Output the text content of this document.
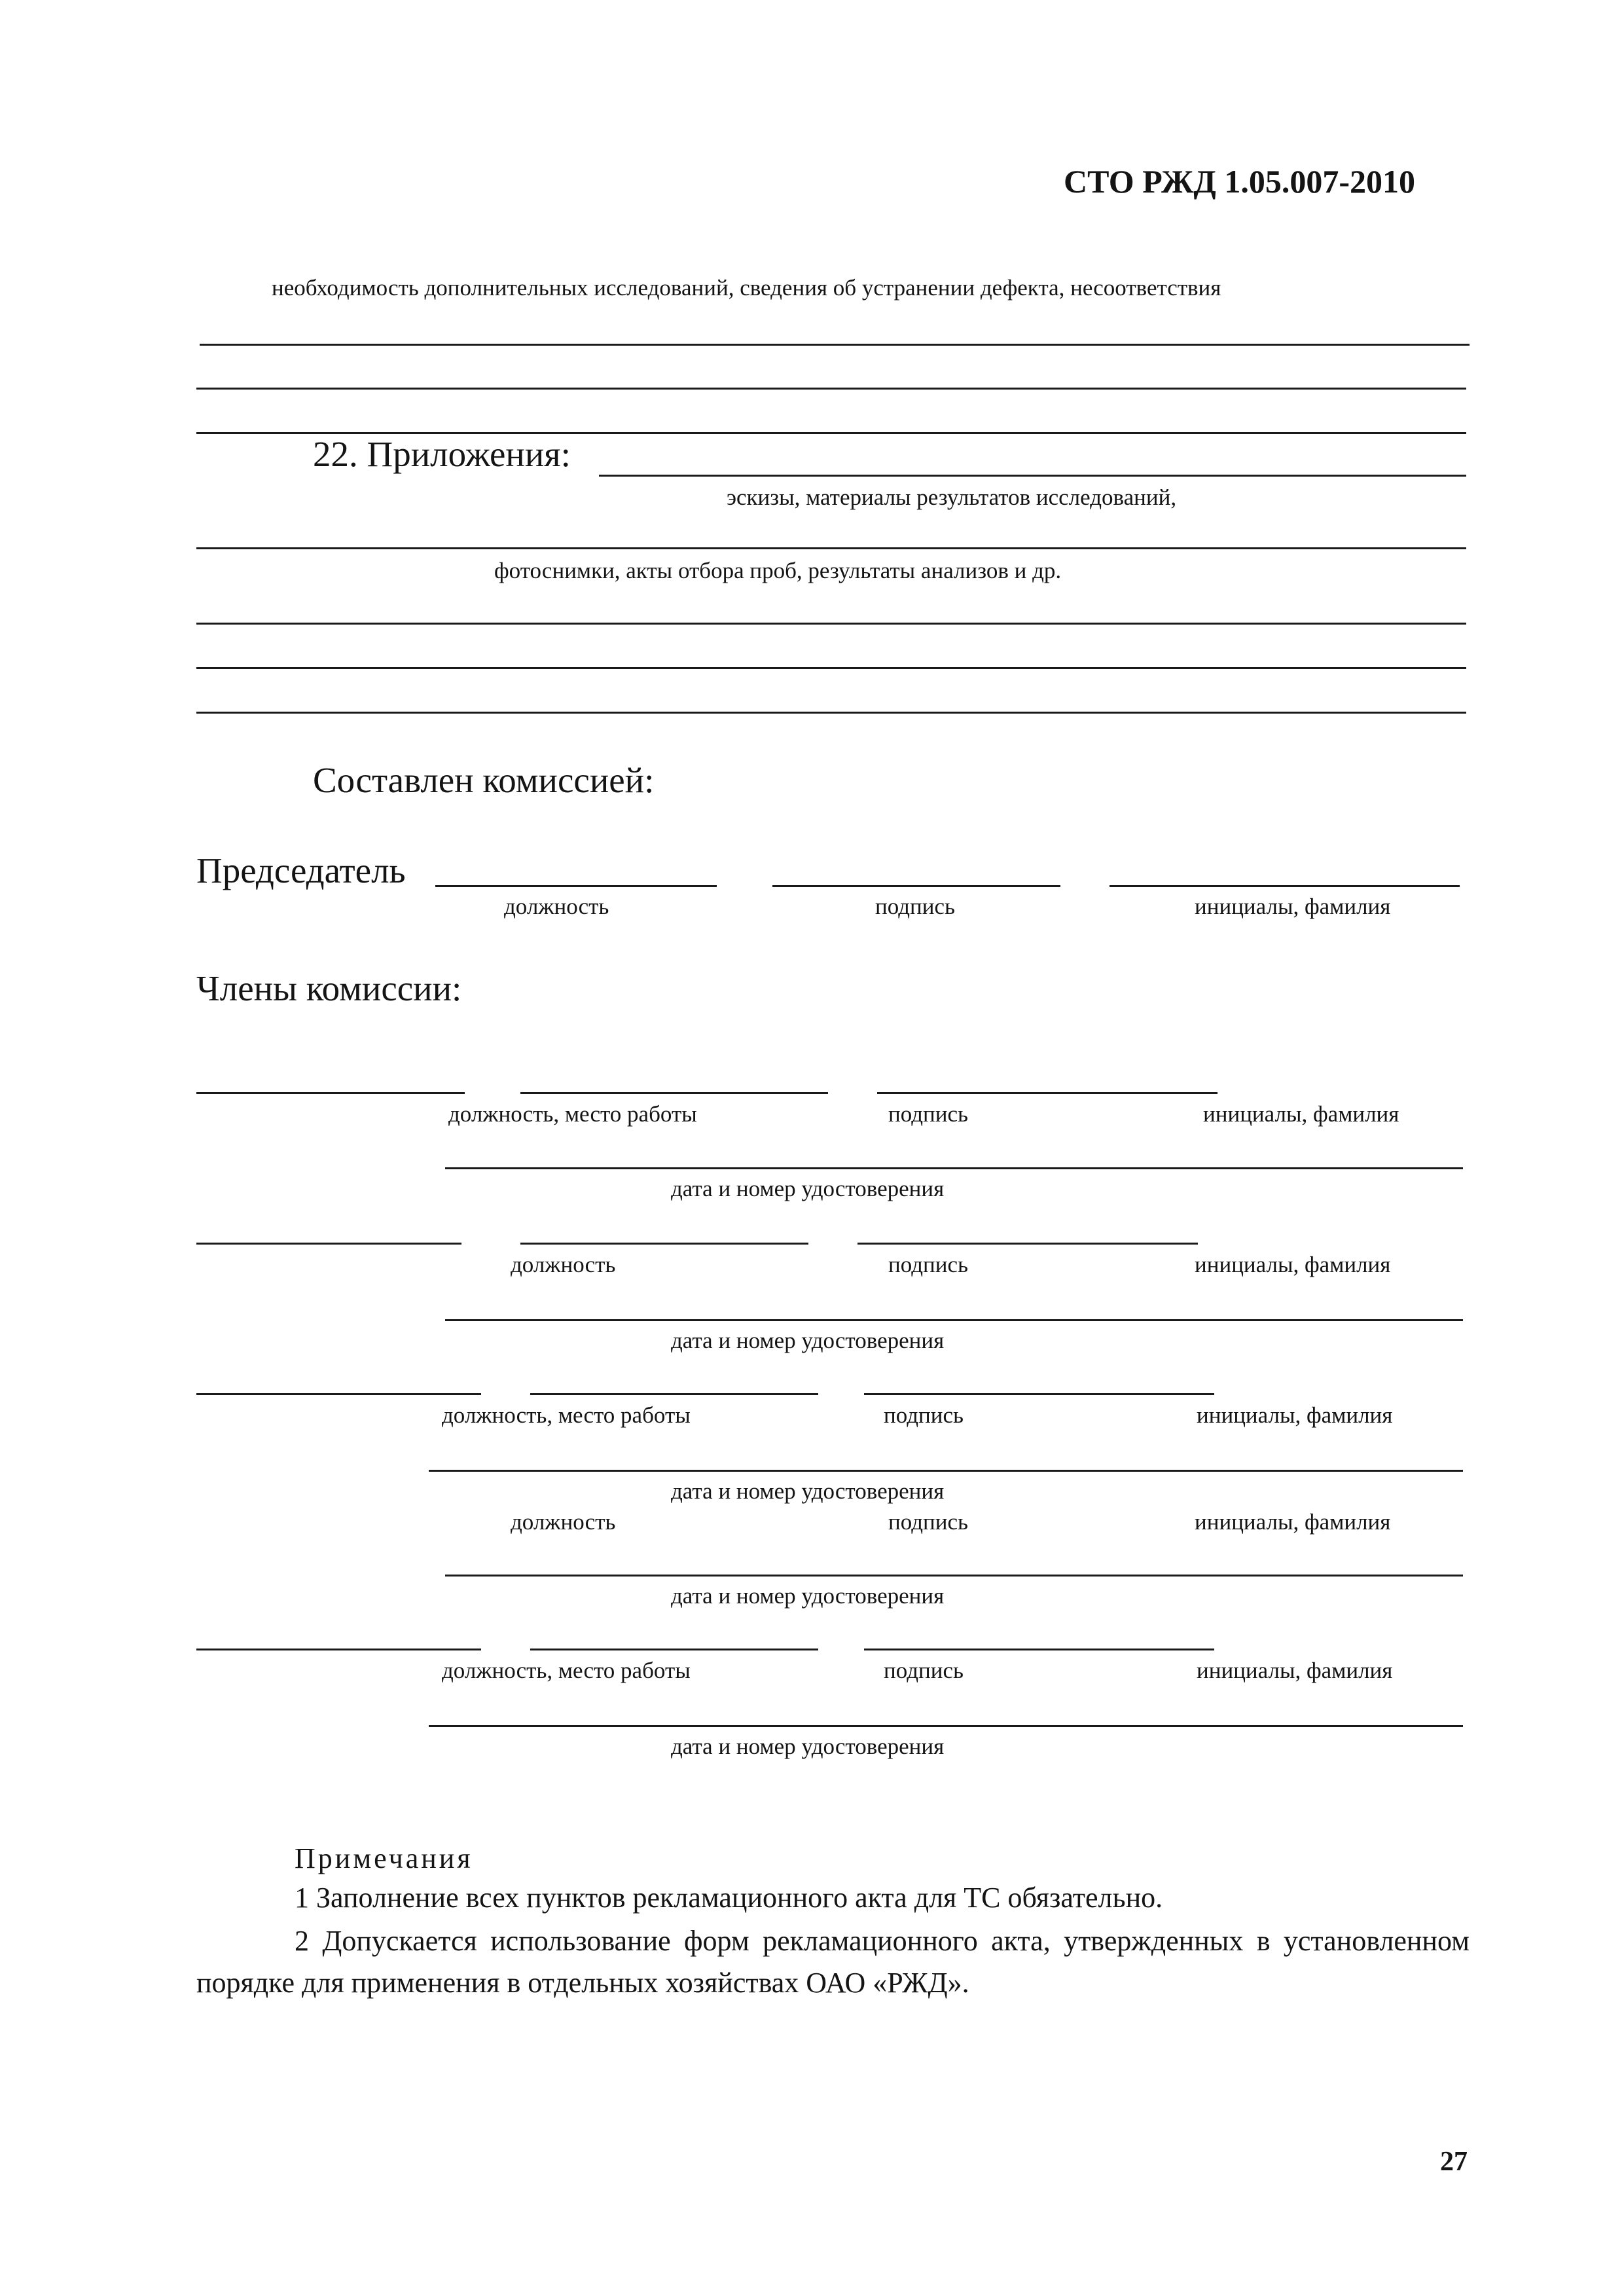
СТО РЖД 1.05.007-2010
необходимость дополнительных исследований, сведения об устранении дефекта, несоответствия
22. Приложения:
эскизы, материалы результатов исследований,
фотоснимки, акты отбора проб, результаты анализов и др.
Составлен комиссией:
Председатель
должность	подпись	инициалы, фамилия
Члены комиссии:
должность, место работы	подпись	инициалы, фамилия
дата и номер удостоверения
должность	подпись	инициалы, фамилия
дата и номер удостоверения
должность, место работы	подпись	инициалы, фамилия
дата и номер удостоверения
должность	подпись	инициалы, фамилия
дата и номер удостоверения
должность, место работы	подпись	инициалы, фамилия
дата и номер удостоверения
Примечания
1 Заполнение всех пунктов рекламационного акта для ТС обязательно.
2 Допускается использование форм рекламационного акта, утвержденных в установленном порядке для применения в отдельных хозяйствах ОАО «РЖД».
27
